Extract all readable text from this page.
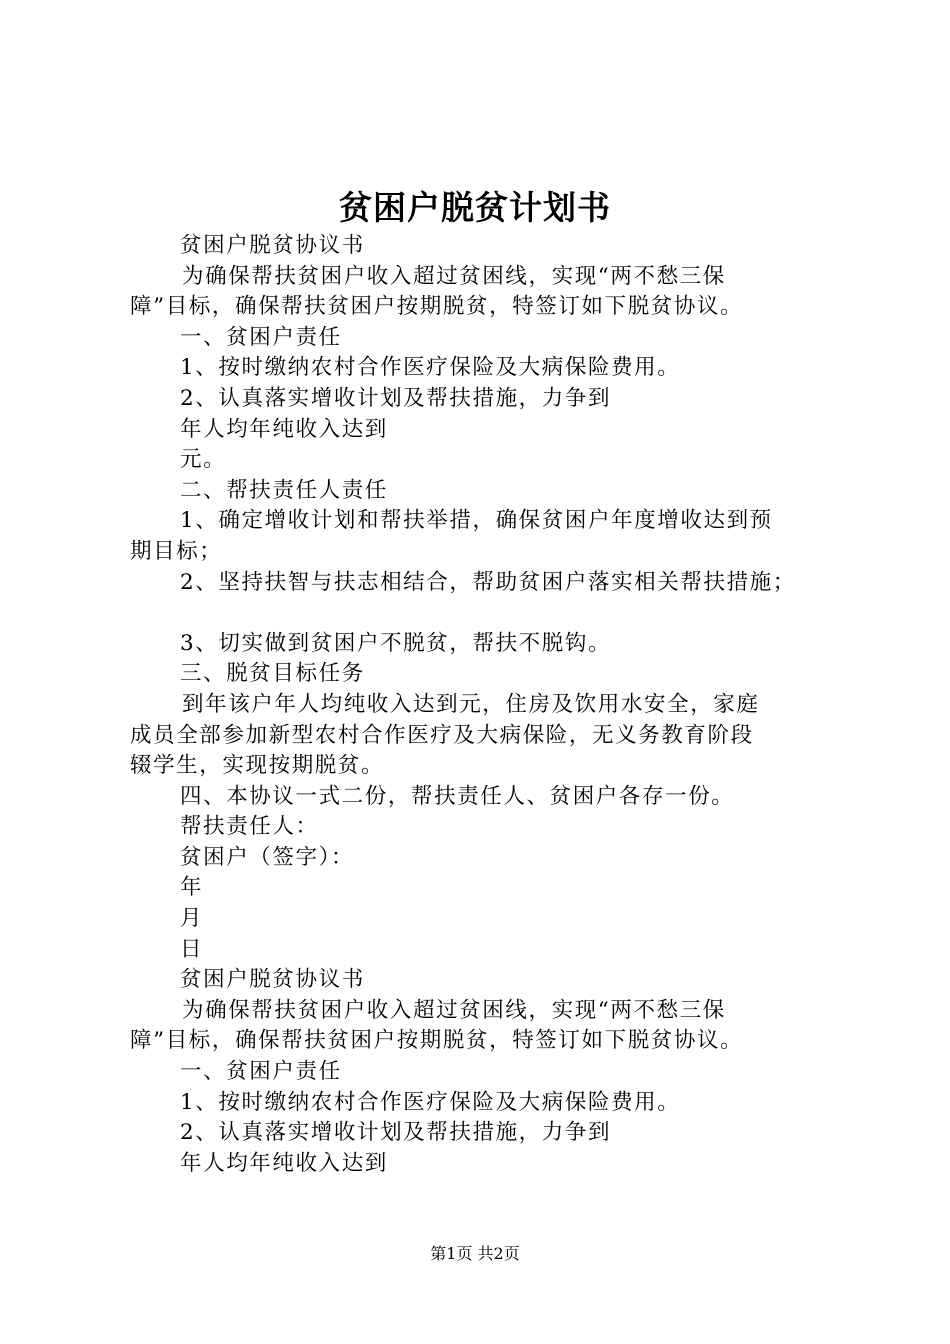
贫困户脱贫计划书
贫困户脱贫协议书
为确保帮扶贫困户收入超过贫困线，实现“两不愁三保
障”目标，确保帮扶贫困户按期脱贫，特签订如下脱贫协议。
一、贫困户责任
1、按时缴纳农村合作医疗保险及大病保险费用。
2、认真落实增收计划及帮扶措施，力争到
年人均年纯收入达到
元。
二、帮扶责任人责任
1、确定增收计划和帮扶举措，确保贫困户年度增收达到预
期目标；
2、坚持扶智与扶志相结合，帮助贫困户落实相关帮扶措施；
3、切实做到贫困户不脱贫，帮扶不脱钩。
三、脱贫目标任务
到年该户年人均纯收入达到元，住房及饮用水安全，家庭
成员全部参加新型农村合作医疗及大病保险，无义务教育阶段
辍学生，实现按期脱贫。
四、本协议一式二份，帮扶责任人、贫困户各存一份。
帮扶责任人：
贫困户（签字）：
年
月
日
贫困户脱贫协议书
为确保帮扶贫困户收入超过贫困线，实现“两不愁三保
障”目标，确保帮扶贫困户按期脱贫，特签订如下脱贫协议。
一、贫困户责任
1、按时缴纳农村合作医疗保险及大病保险费用。
2、认真落实增收计划及帮扶措施，力争到
年人均年纯收入达到
第1页 共2页
